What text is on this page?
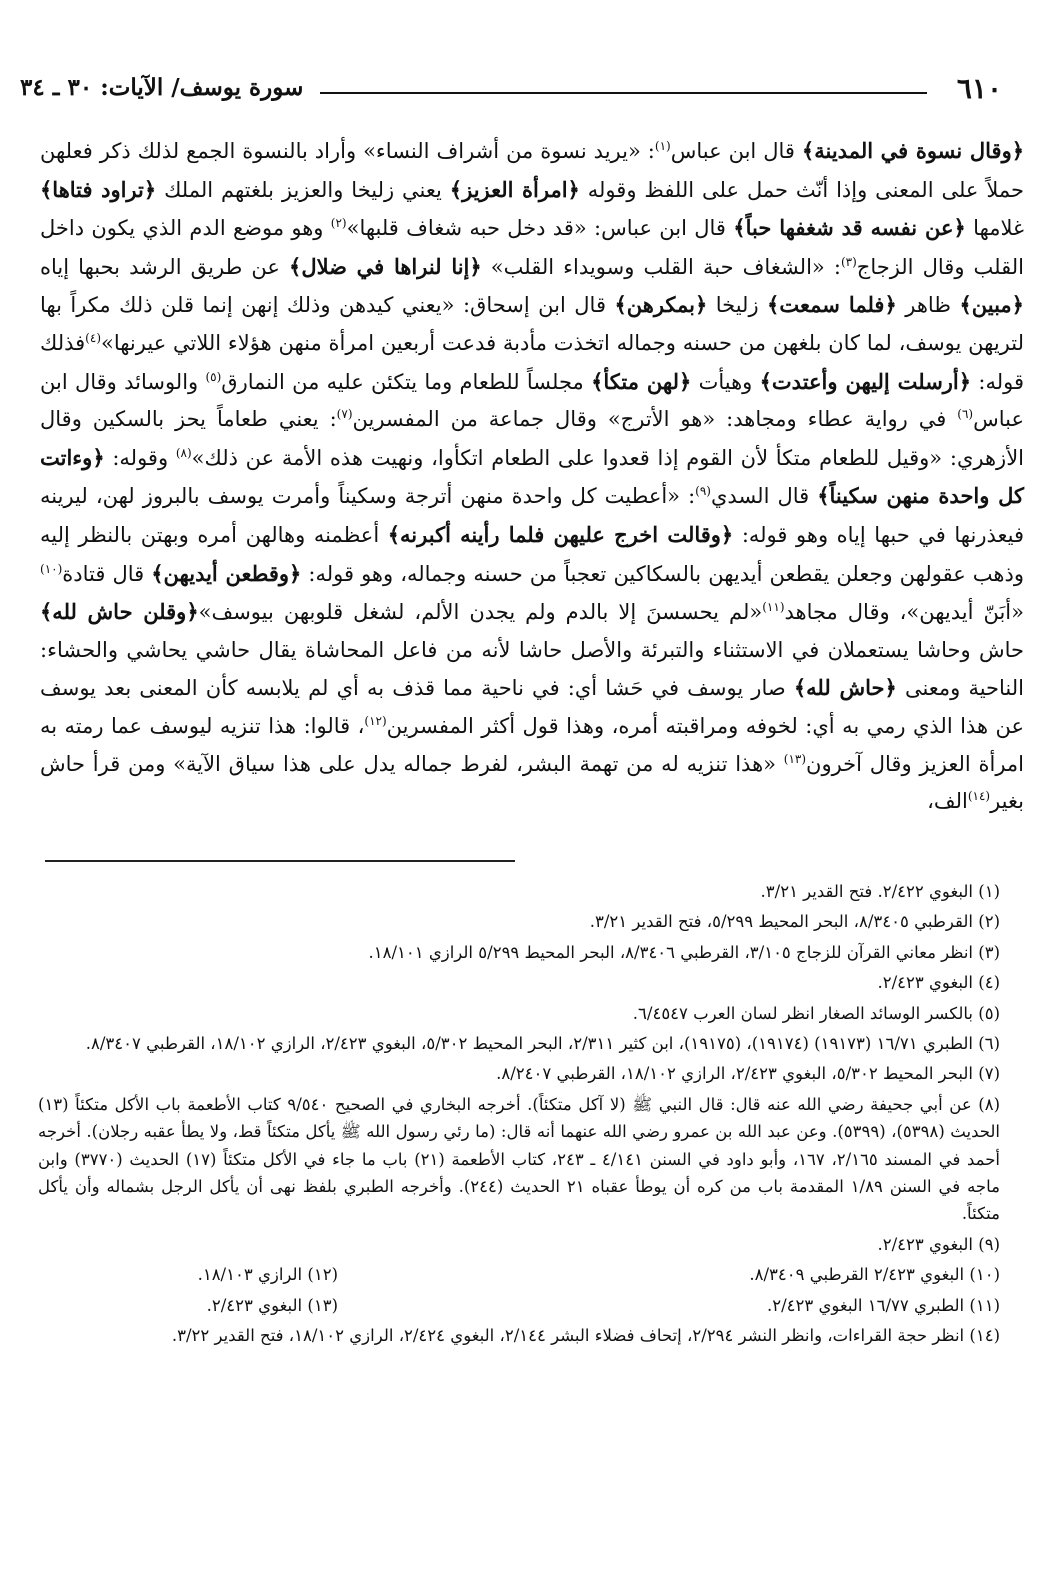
٦١٠
سورة يوسف/ الآيات: ٣٠ ـ ٣٤

﴿وقال نسوة في المدينة﴾ قال ابن عباس$^{(١)}$: «يريد نسوة من أشراف النساء» وأراد بالنسوة الجمع لذلك ذكر فعلهن حملاً على المعنى وإذا أنّث حمل على اللفظ وقوله ﴿امرأة العزيز﴾ يعني زليخا والعزيز بلغتهم الملك ﴿تراود فتاها﴾ غلامها ﴿عن نفسه قد شغفها حباً﴾ قال ابن عباس: «قد دخل حبه شغاف قلبها»$^{(٢)}$ وهو موضع الدم الذي يكون داخل القلب وقال الزجاج$^{(٣)}$: «الشغاف حبة القلب وسويداء القلب» ﴿إنا لنراها في ضلال﴾ عن طريق الرشد بحبها إياه ﴿مبين﴾ ظاهر ﴿فلما سمعت﴾ زليخا ﴿بمكرهن﴾ قال ابن إسحاق: «يعني كيدهن وذلك إنهن إنما قلن ذلك مكراً بها لتريهن يوسف، لما كان بلغهن من حسنه وجماله اتخذت مأدبة فدعت أربعين امرأة منهن هؤلاء اللاتي عيرنها»$^{(٤)}$فذلك قوله: ﴿أرسلت إليهن وأعتدت﴾ وهيأت ﴿لهن متكأ﴾ مجلساً للطعام وما يتكئن عليه من النمارق$^{(٥)}$ والوسائد وقال ابن عباس$^{(٦)}$ في رواية عطاء ومجاهد: «هو الأترج» وقال جماعة من المفسرين$^{(٧)}$: يعني طعاماً يحز بالسكين وقال الأزهري: «وقيل للطعام متكأ لأن القوم إذا قعدوا على الطعام اتكأوا، ونهيت هذه الأمة عن ذلك»$^{(٨)}$ وقوله: ﴿وءاتت كل واحدة منهن سكيناً﴾ قال السدي$^{(٩)}$: «أعطيت كل واحدة منهن أترجة وسكيناً وأمرت يوسف بالبروز لهن، ليرينه فيعذرنها في حبها إياه وهو قوله: ﴿وقالت اخرج عليهن فلما رأينه أكبرنه﴾ أعظمنه وهالهن أمره وبهتن بالنظر إليه وذهب عقولهن وجعلن يقطعن أيديهن بالسكاكين تعجباً من حسنه وجماله، وهو قوله: ﴿وقطعن أيديهن﴾ قال قتادة$^{(١٠)}$ «أبَنّ أيديهن»، وقال مجاهد$^{(١١)}$«لم يحسسنَ إلا بالدم ولم يجدن الألم، لشغل قلوبهن بيوسف»﴿وقلن حاش لله﴾ حاش وحاشا يستعملان في الاستثناء والتبرئة والأصل حاشا لأنه من فاعل المحاشاة يقال حاشي يحاشي والحشاء: الناحية ومعنى ﴿حاش لله﴾ صار يوسف في حَشا أي: في ناحية مما قذف به أي لم يلابسه كأن المعنى بعد يوسف عن هذا الذي رمي به أي: لخوفه ومراقبته أمره، وهذا قول أكثر المفسرين$^{(١٢)}$، قالوا: هذا تنزيه ليوسف عما رمته به امرأة العزيز وقال آخرون$^{(١٣)}$ «هذا تنزيه له من تهمة البشر، لفرط جماله يدل على هذا سياق الآية» ومن قرأ حاش بغير$^{(١٤)}$الف،

(١) البغوي ٢/٤٢٢. فتح القدير ٣/٢١.

(٢) القرطبي ٨/٣٤٠٥، البحر المحيط ٥/٢٩٩، فتح القدير ٣/٢١.

(٣) انظر معاني القرآن للزجاج ٣/١٠٥، القرطبي ٨/٣٤٠٦، البحر المحيط ٥/٢٩٩ الرازي ١٨/١٠١.

(٤) البغوي ٢/٤٢٣.

(٥) بالكسر الوسائد الصغار انظر لسان العرب ٦/٤٥٤٧.

(٦) الطبري ١٦/٧١ (١٩١٧٣) (١٩١٧٤)، (١٩١٧٥)، ابن كثير ٢/٣١١، البحر المحيط ٥/٣٠٢، البغوي ٢/٤٢٣، الرازي ١٨/١٠٢، القرطبي ٨/٣٤٠٧.

(٧) البحر المحيط ٥/٣٠٢، البغوي ٢/٤٢٣، الرازي ١٨/١٠٢، القرطبي ٨/٢٤٠٧.

(٨) عن أبي جحيفة رضي الله عنه قال: قال النبي ﷺ (لا آكل متكئاً). أخرجه البخاري في الصحيح ٩/٥٤٠ كتاب الأطعمة باب الأكل متكئاً (١٣) الحديث (٥٣٩٨)، (٥٣٩٩). وعن عبد الله بن عمرو رضي الله عنهما أنه قال: (ما رئي رسول الله ﷺ يأكل متكئاً قط، ولا يطأ عقبه رجلان). أخرجه أحمد في المسند ٢/١٦٥، ١٦٧، وأبو داود في السنن ٤/١٤١ ـ ٢٤٣، كتاب الأطعمة (٢١) باب ما جاء في الأكل متكئاً (١٧) الحديث (٣٧٧٠) وابن ماجه في السنن ١/٨٩ المقدمة باب من كره أن يوطأ عقباه ٢١ الحديث (٢٤٤). وأخرجه الطبري بلفظ نهى أن يأكل الرجل بشماله وأن يأكل متكئاً.

(٩) البغوي ٢/٤٢٣.

(١٠) البغوي ٢/٤٢٣ القرطبي ٨/٣٤٠٩.

(١٢) الرازي ١٨/١٠٣.

(١١) الطبري ١٦/٧٧ البغوي ٢/٤٢٣.

(١٣) البغوي ٢/٤٢٣.

(١٤) انظر حجة القراءات، وانظر النشر ٢/٢٩٤، إتحاف فضلاء البشر ٢/١٤٤، البغوي ٢/٤٢٤، الرازي ١٨/١٠٢، فتح القدير ٣/٢٢.
